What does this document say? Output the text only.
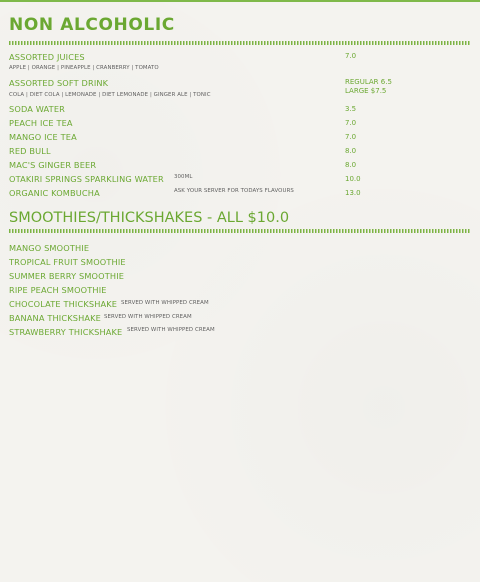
NON ALCOHOLIC
ASSORTED JUICES
APPLE | ORANGE | PINEAPPLE | CRANBERRY | TOMATO
7.0
ASSORTED SOFT DRINK
COLA | DIET COLA | LEMONADE | DIET LEMONADE | GINGER ALE | TONIC
REGULAR 6.5
LARGE $7.5
SODA WATER	3.5
PEACH ICE TEA	7.0
MANGO ICE TEA	7.0
RED BULL	8.0
MAC'S GINGER BEER	8.0
OTAKIRI SPRINGS SPARKLING WATER 300ML	10.0
ORGANIC KOMBUCHA	ASK YOUR SERVER FOR TODAYS FLAVOURS	13.0
SMOOTHIES/THICKSHAKES - ALL $10.0
MANGO SMOOTHIE
TROPICAL FRUIT SMOOTHIE
SUMMER BERRY SMOOTHIE
RIPE PEACH SMOOTHIE
CHOCOLATE THICKSHAKE SERVED WITH WHIPPED CREAM
BANANA THICKSHAKE SERVED WITH WHIPPED CREAM
STRAWBERRY THICKSHAKE SERVED WITH WHIPPED CREAM
